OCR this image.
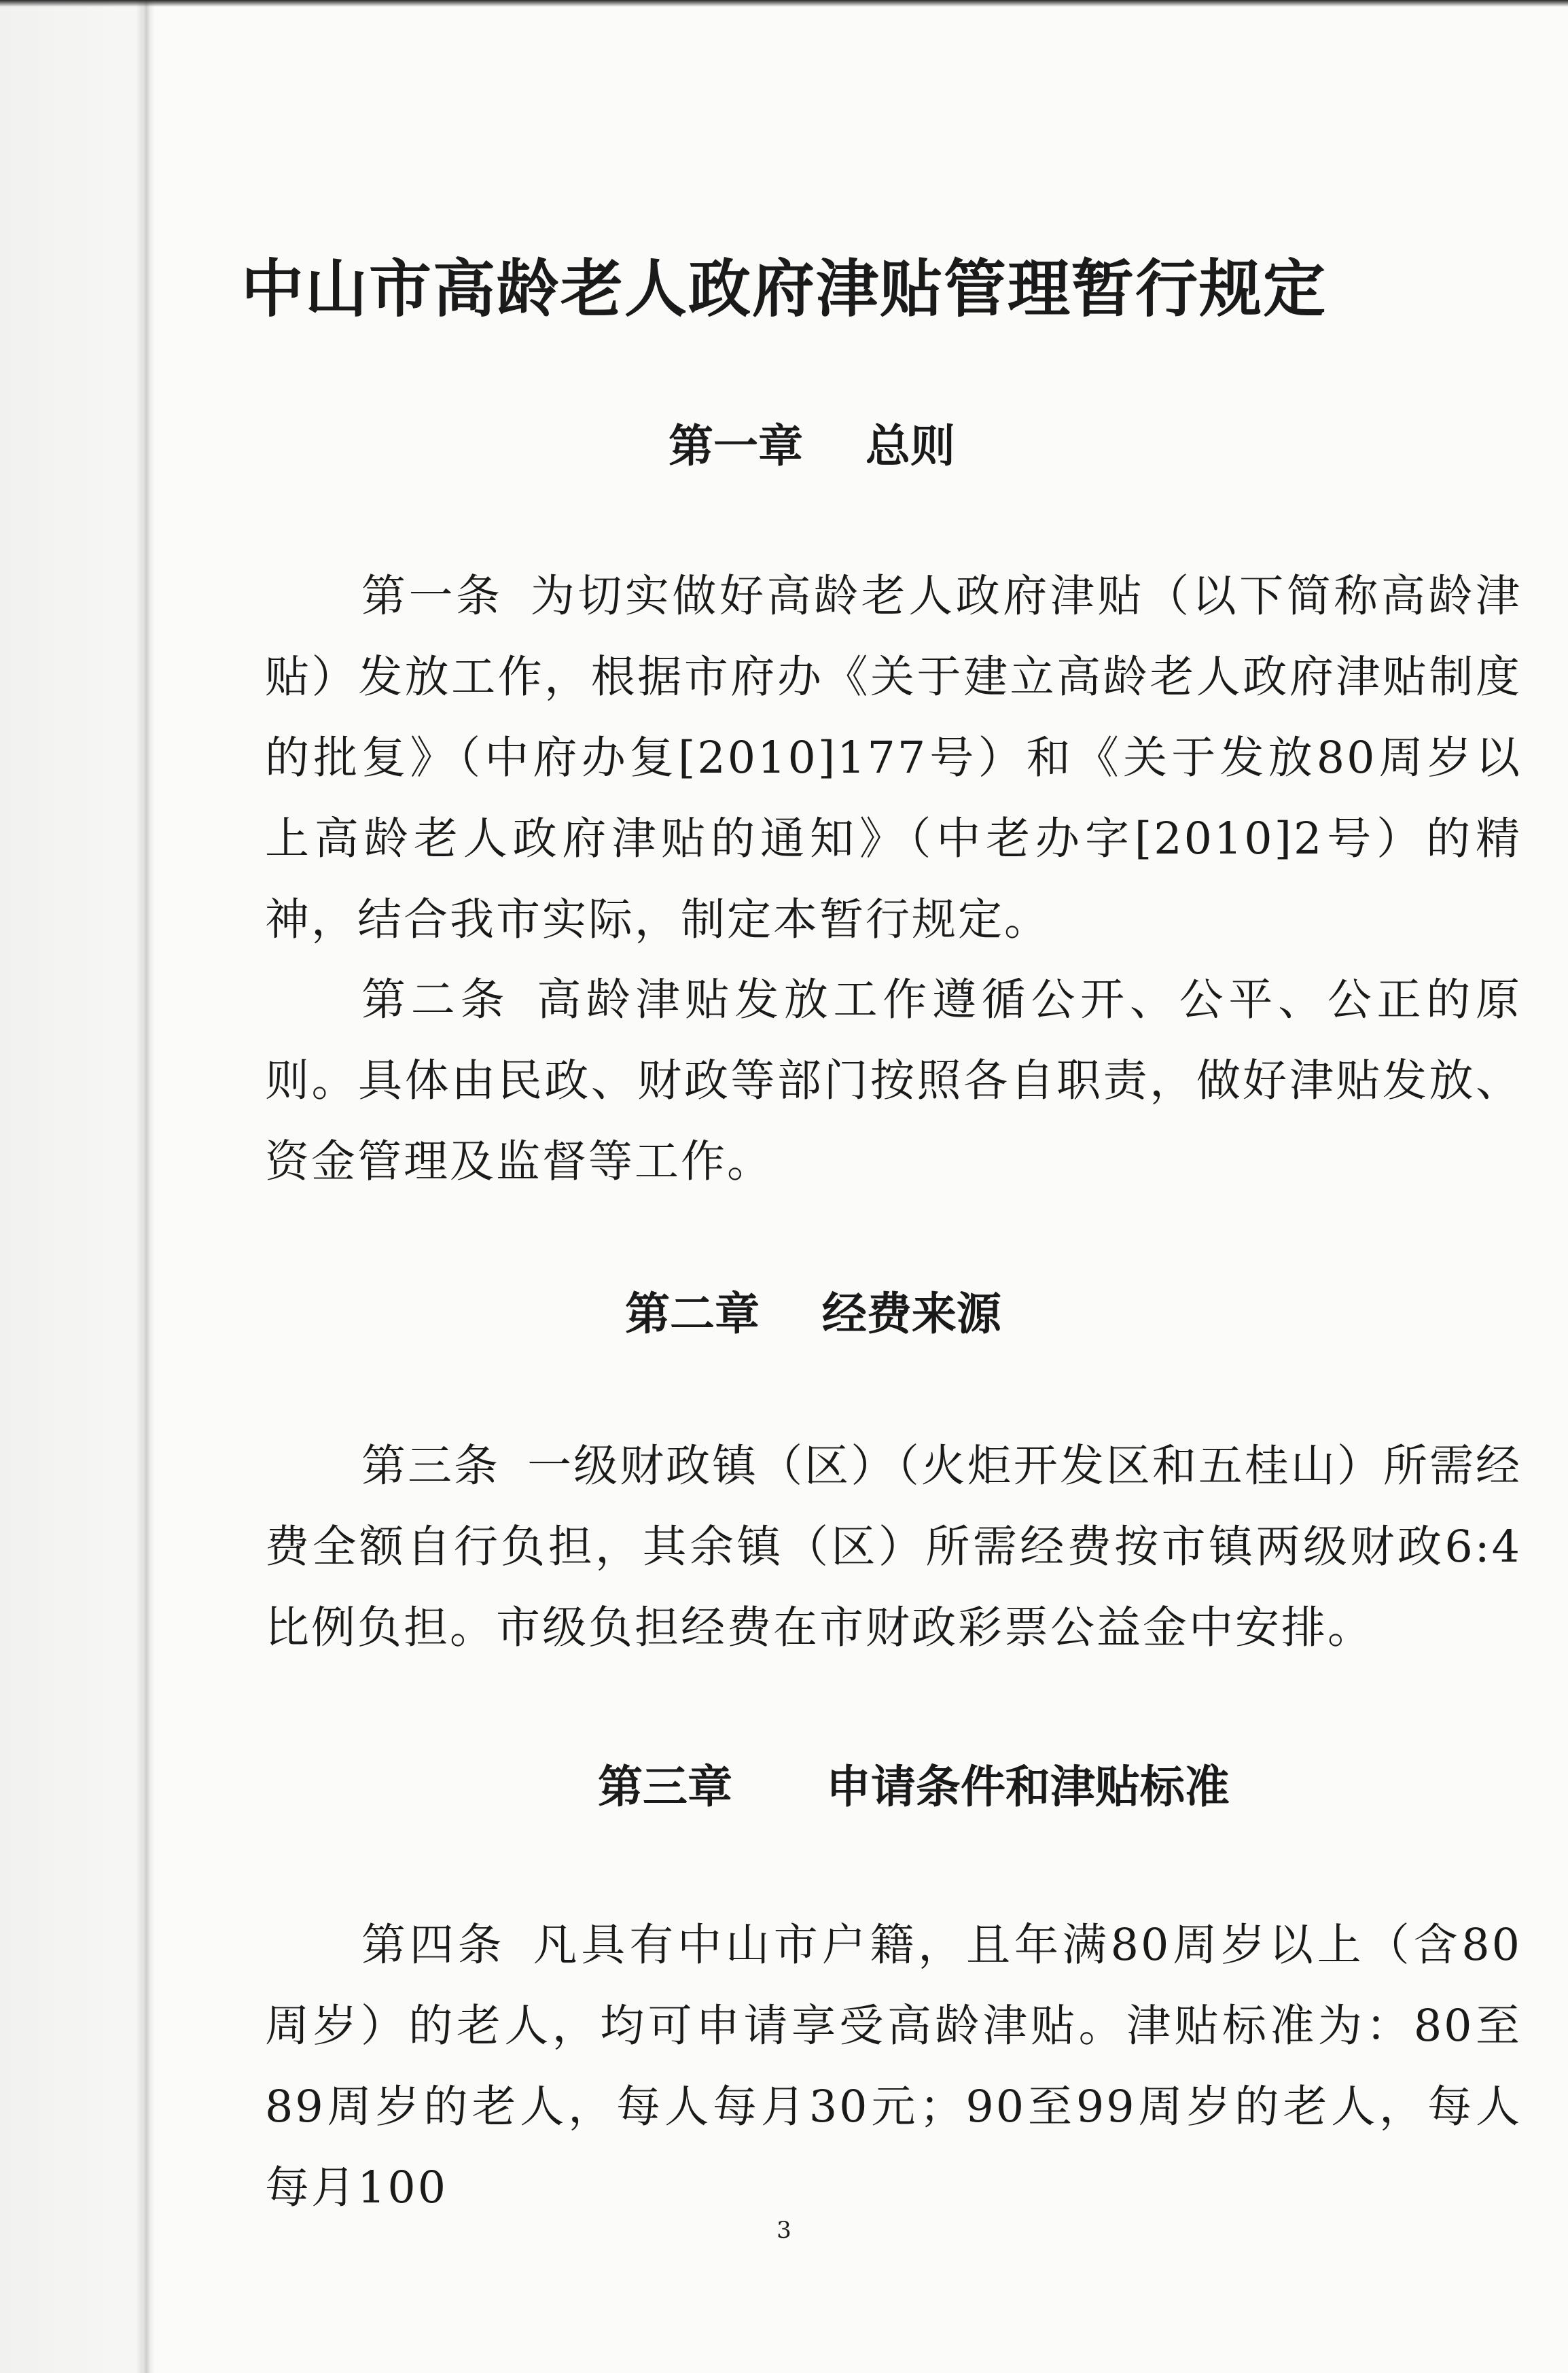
中山市高龄老人政府津贴管理暂行规定
第一章    总则

第一条 为切实做好高龄老人政府津贴（以下简称高龄津贴）发放工作，根据市府办《关于建立高龄老人政府津贴制度的批复》（中府办复[2010]177号）和《关于发放80周岁以上高龄老人政府津贴的通知》（中老办字[2010]2号）的精神，结合我市实际，制定本暂行规定。

第二条 高龄津贴发放工作遵循公开、公平、公正的原则。具体由民政、财政等部门按照各自职责，做好津贴发放、资金管理及监督等工作。

第二章    经费来源

第三条 一级财政镇（区）（火炬开发区和五桂山）所需经费全额自行负担，其余镇（区）所需经费按市镇两级财政6:4比例负担。市级负担经费在市财政彩票公益金中安排。

第三章      申请条件和津贴标准

第四条 凡具有中山市户籍，且年满80周岁以上（含80周岁）的老人，均可申请享受高龄津贴。津贴标准为：80至89周岁的老人，每人每月30元；90至99周岁的老人，每人每月100

3
